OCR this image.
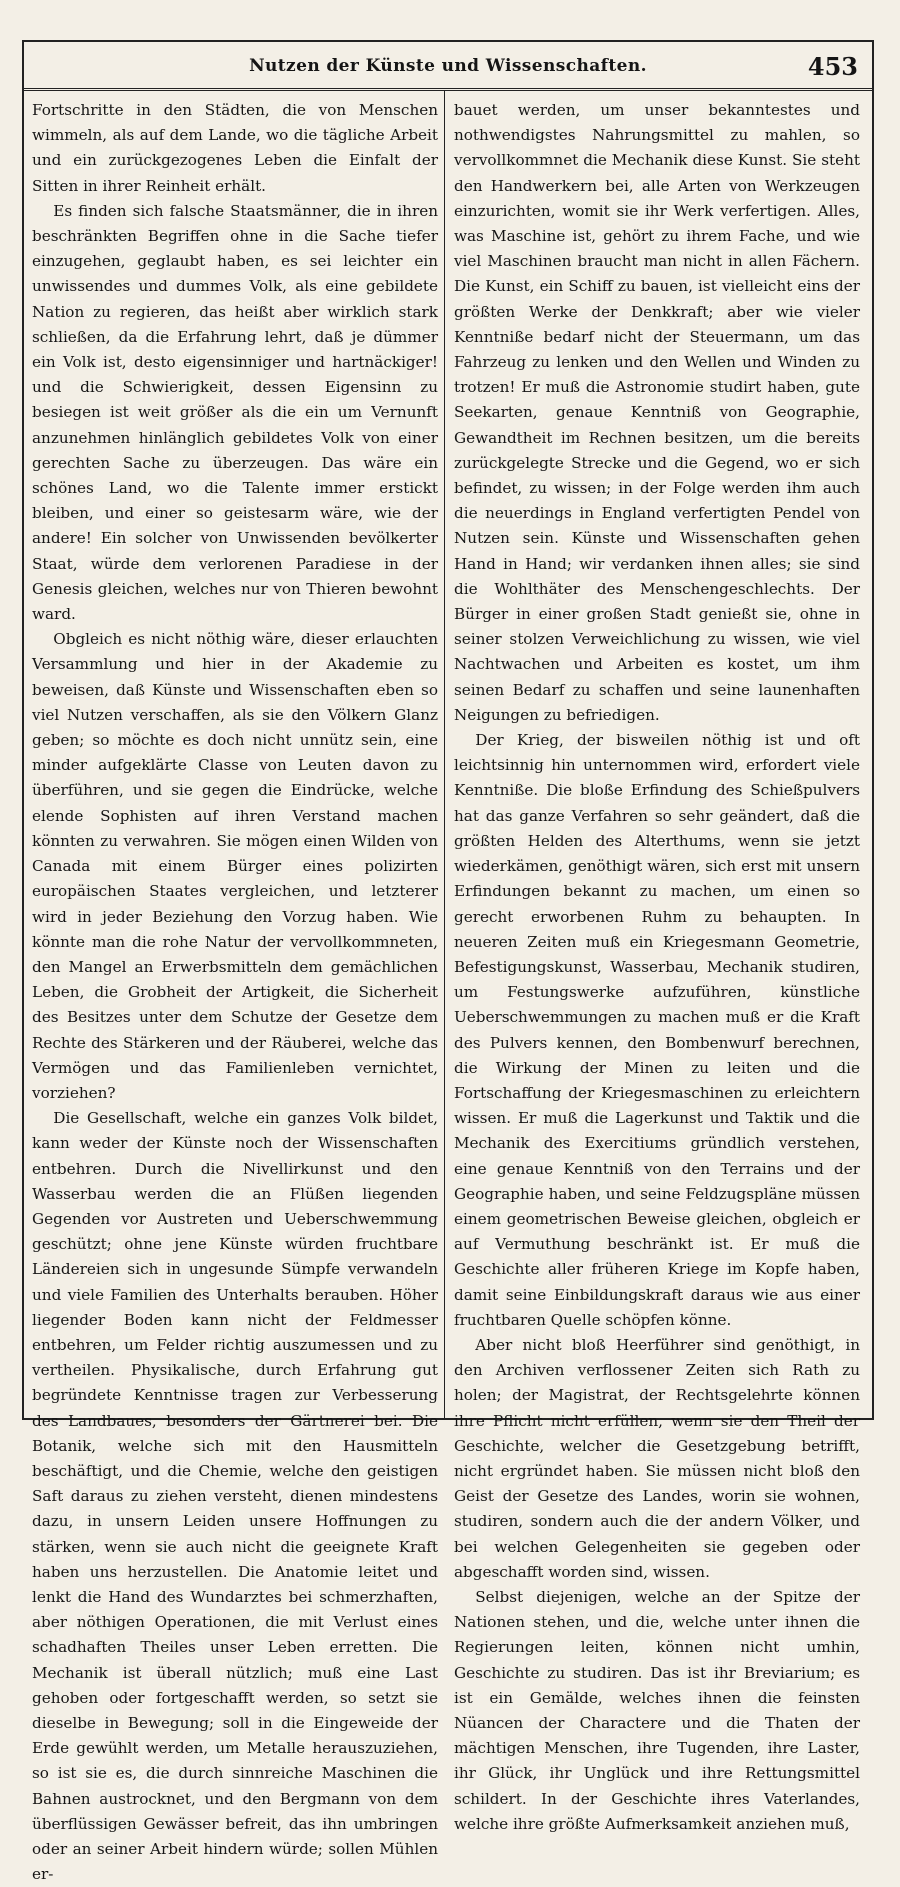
Nutzen der Künste und Wissenschaften.	453

Fortschritte in den Städten, die von Menschen wimmeln, als auf dem Lande, wo die tägliche Arbeit und ein zurückgezogenes Leben die Einfalt der Sitten in ihrer Reinheit erhält.

Es finden sich falsche Staatsmänner, die in ihren beschränkten Begriffen ohne in die Sache tiefer einzugehen, geglaubt haben, es sei leichter ein unwissendes und dummes Volk, als eine gebildete Nation zu regieren, das heißt aber wirklich stark schließen, da die Erfahrung lehrt, daß je dümmer ein Volk ist, desto eigensinniger und hartnäckiger! und die Schwierigkeit, dessen Eigensinn zu besiegen ist weit größer als die ein um Vernunft anzunehmen hinlänglich gebildetes Volk von einer gerechten Sache zu überzeugen. Das wäre ein schönes Land, wo die Talente immer erstickt bleiben, und einer so geistesarm wäre, wie der andere! Ein solcher von Unwissenden bevölkerter Staat, würde dem verlorenen Paradiese in der Genesis gleichen, welches nur von Thieren bewohnt ward.

Obgleich es nicht nöthig wäre, dieser erlauchten Versammlung und hier in der Akademie zu beweisen, daß Künste und Wissenschaften eben so viel Nutzen verschaffen, als sie den Völkern Glanz geben; so möchte es doch nicht unnütz sein, eine minder aufgeklärte Classe von Leuten davon zu überführen, und sie gegen die Eindrücke, welche elende Sophisten auf ihren Verstand machen könnten zu verwahren. Sie mögen einen Wilden von Canada mit einem Bürger eines polizirten europäischen Staates vergleichen, und letzterer wird in jeder Beziehung den Vorzug haben. Wie könnte man die rohe Natur der vervollkommneten, den Mangel an Erwerbsmitteln dem gemächlichen Leben, die Grobheit der Artigkeit, die Sicherheit des Besitzes unter dem Schutze der Gesetze dem Rechte des Stärkeren und der Räuberei, welche das Vermögen und das Familienleben vernichtet, vorziehen?

Die Gesellschaft, welche ein ganzes Volk bildet, kann weder der Künste noch der Wissenschaften entbehren. Durch die Nivellirkunst und den Wasserbau werden die an Flüßen liegenden Gegenden vor Austreten und Ueberschwemmung geschützt; ohne jene Künste würden fruchtbare Ländereien sich in ungesunde Sümpfe verwandeln und viele Familien des Unterhalts berauben. Höher liegender Boden kann nicht der Feldmesser entbehren, um Felder richtig auszumessen und zu vertheilen. Physikalische, durch Erfahrung gut begründete Kenntnisse tragen zur Verbesserung des Landbaues, besonders der Gärtnerei bei. Die Botanik, welche sich mit den Hausmitteln beschäftigt, und die Chemie, welche den geistigen Saft daraus zu ziehen versteht, dienen mindestens dazu, in unsern Leiden unsere Hoffnungen zu stärken, wenn sie auch nicht die geeignete Kraft haben uns herzustellen. Die Anatomie leitet und lenkt die Hand des Wundarztes bei schmerzhaften, aber nöthigen Operationen, die mit Verlust eines schadhaften Theiles unser Leben erretten. Die Mechanik ist überall nützlich; muß eine Last gehoben oder fortgeschafft werden, so setzt sie dieselbe in Bewegung; soll in die Eingeweide der Erde gewühlt werden, um Metalle herauszuziehen, so ist sie es, die durch sinnreiche Maschinen die Bahnen austrocknet, und den Bergmann von dem überflüssigen Gewässer befreit, das ihn umbringen oder an seiner Arbeit hindern würde; sollen Mühlen er-

bauet werden, um unser bekanntestes und nothwendigstes Nahrungsmittel zu mahlen, so vervollkommnet die Mechanik diese Kunst. Sie steht den Handwerkern bei, alle Arten von Werkzeugen einzurichten, womit sie ihr Werk verfertigen. Alles, was Maschine ist, gehört zu ihrem Fache, und wie viel Maschinen braucht man nicht in allen Fächern. Die Kunst, ein Schiff zu bauen, ist vielleicht eins der größten Werke der Denkkraft; aber wie vieler Kenntniße bedarf nicht der Steuermann, um das Fahrzeug zu lenken und den Wellen und Winden zu trotzen! Er muß die Astronomie studirt haben, gute Seekarten, genaue Kenntniß von Geographie, Gewandtheit im Rechnen besitzen, um die bereits zurückgelegte Strecke und die Gegend, wo er sich befindet, zu wissen; in der Folge werden ihm auch die neuerdings in England verfertigten Pendel von Nutzen sein. Künste und Wissenschaften gehen Hand in Hand; wir verdanken ihnen alles; sie sind die Wohlthäter des Menschengeschlechts. Der Bürger in einer großen Stadt genießt sie, ohne in seiner stolzen Verweichlichung zu wissen, wie viel Nachtwachen und Arbeiten es kostet, um ihm seinen Bedarf zu schaffen und seine launenhaften Neigungen zu befriedigen.

Der Krieg, der bisweilen nöthig ist und oft leichtsinnig hin unternommen wird, erfordert viele Kenntniße. Die bloße Erfindung des Schießpulvers hat das ganze Verfahren so sehr geändert, daß die größten Helden des Alterthums, wenn sie jetzt wiederkämen, genöthigt wären, sich erst mit unsern Erfindungen bekannt zu machen, um einen so gerecht erworbenen Ruhm zu behaupten. In neueren Zeiten muß ein Kriegesmann Geometrie, Befestigungskunst, Wasserbau, Mechanik studiren, um Festungswerke aufzuführen, künstliche Ueberschwemmungen zu machen muß er die Kraft des Pulvers kennen, den Bombenwurf berechnen, die Wirkung der Minen zu leiten und die Fortschaffung der Kriegesmaschinen zu erleichtern wissen. Er muß die Lagerkunst und Taktik und die Mechanik des Exercitiums gründlich verstehen, eine genaue Kenntniß von den Terrains und der Geographie haben, und seine Feldzugspläne müssen einem geometrischen Beweise gleichen, obgleich er auf Vermuthung beschränkt ist. Er muß die Geschichte aller früheren Kriege im Kopfe haben, damit seine Einbildungskraft daraus wie aus einer fruchtbaren Quelle schöpfen könne.

Aber nicht bloß Heerführer sind genöthigt, in den Archiven verflossener Zeiten sich Rath zu holen; der Magistrat, der Rechtsgelehrte können ihre Pflicht nicht erfüllen, wenn sie den Theil der Geschichte, welcher die Gesetzgebung betrifft, nicht ergründet haben. Sie müssen nicht bloß den Geist der Gesetze des Landes, worin sie wohnen, studiren, sondern auch die der andern Völker, und bei welchen Gelegenheiten sie gegeben oder abgeschafft worden sind, wissen.

Selbst diejenigen, welche an der Spitze der Nationen stehen, und die, welche unter ihnen die Regierungen leiten, können nicht umhin, Geschichte zu studiren. Das ist ihr Breviarium; es ist ein Gemälde, welches ihnen die feinsten Nüancen der Charactere und die Thaten der mächtigen Menschen, ihre Tugenden, ihre Laster, ihr Glück, ihr Unglück und ihre Rettungsmittel schildert. In der Geschichte ihres Vaterlandes, welche ihre größte Aufmerksamkeit anziehen muß,
